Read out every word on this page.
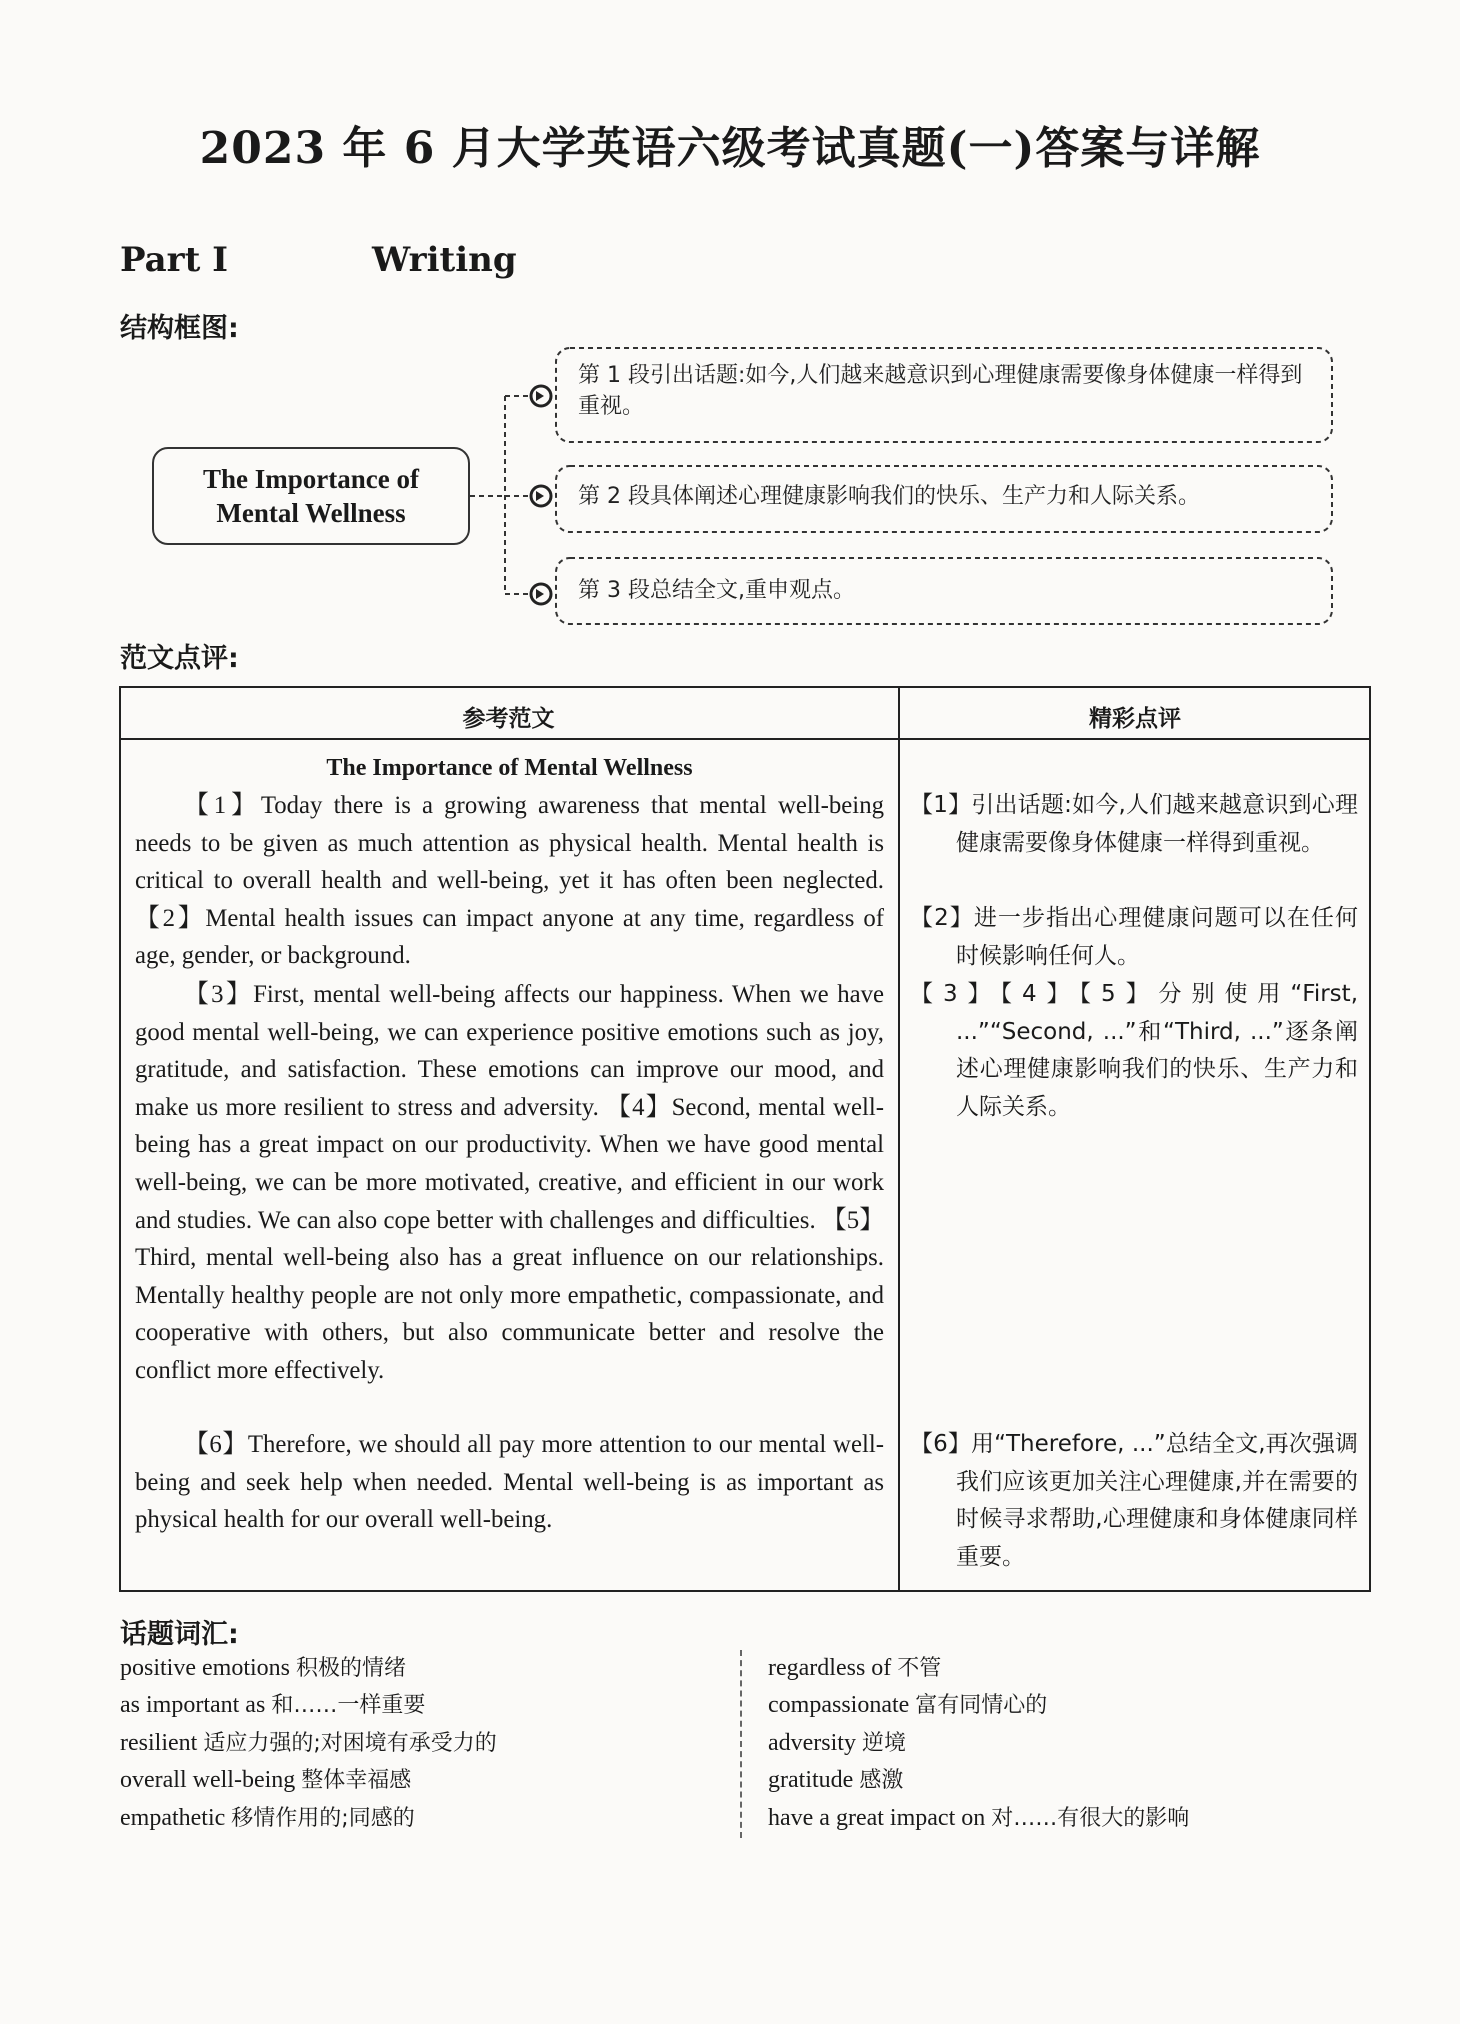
2023 年 6 月大学英语六级考试真题(一)答案与详解
Part Ⅰ	Writing
结构框图:
The Importance of Mental Wellness
第 1 段引出话题:如今,人们越来越意识到心理健康需要像身体健康一样得到重视。
第 2 段具体阐述心理健康影响我们的快乐、生产力和人际关系。
第 3 段总结全文,重申观点。
范文点评:
参考范文	精彩点评
The Importance of Mental Wellness

【1】Today there is a growing awareness that mental well-being needs to be given as much attention as physical health. Mental health is critical to overall health and well-being, yet it has often been neglected. 【2】Mental health issues can impact anyone at any time, regardless of age, gender, or background.

【3】First, mental well-being affects our happiness. When we have good mental well-being, we can experience positive emotions such as joy, gratitude, and satisfaction. These emotions can improve our mood, and make us more resilient to stress and adversity. 【4】Second, mental well-being has a great impact on our productivity. When we have good mental well-being, we can be more motivated, creative, and efficient in our work and studies. We can also cope better with challenges and difficulties. 【5】Third, mental well-being also has a great influence on our relationships. Mentally healthy people are not only more empathetic, compassionate, and cooperative with others, but also communicate better and resolve the conflict more effectively.

【6】Therefore, we should all pay more attention to our mental well-being and seek help when needed. Mental well-being is as important as physical health for our overall well-being.

【1】引出话题:如今,人们越来越意识到心理健康需要像身体健康一样得到重视。
【2】进一步指出心理健康问题可以在任何时候影响任何人。
【3】【4】【5】分别使用“First, ...”“Second, ...”和“Third, ...”逐条阐述心理健康影响我们的快乐、生产力和人际关系。
【6】用“Therefore, ...”总结全文,再次强调我们应该更加关注心理健康,并在需要的时候寻求帮助,心理健康和身体健康同样重要。
话题词汇:
positive emotions 积极的情绪
as important as 和……一样重要
resilient 适应力强的;对困境有承受力的
overall well-being 整体幸福感
empathetic 移情作用的;同感的
regardless of 不管
compassionate 富有同情心的
adversity 逆境
gratitude 感激
have a great impact on 对……有很大的影响
